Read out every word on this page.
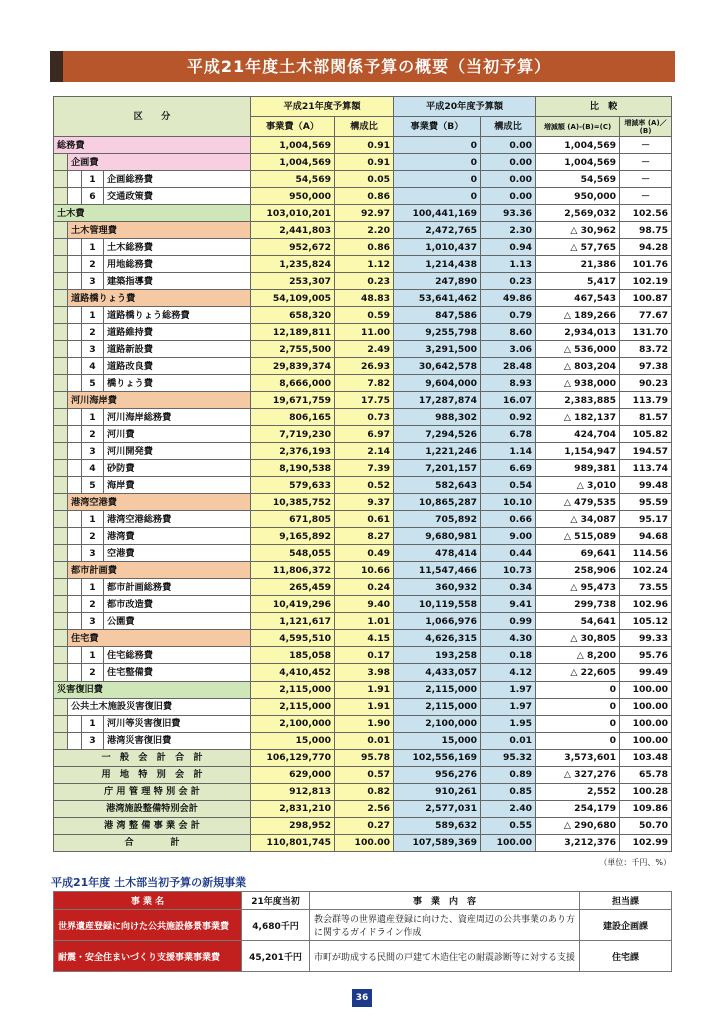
平成21年度土木部関係予算の概要（当初予算）
区　　分				平成21年度予算額		平成20年度予算額		比　較	
				事業費（A）	構成比	事業費（B）	構成比	増減額 (A)-(B)=(C)	増減率 (A)／(B)
総務費				1,004,569	0.91	0	0.00	1,004,569	－
	企画費			1,004,569	0.91	0	0.00	1,004,569	－
		1	企画総務費	54,569	0.05	0	0.00	54,569	－
		6	交通政策費	950,000	0.86	0	0.00	950,000	－
土木費				103,010,201	92.97	100,441,169	93.36	2,569,032	102.56
	土木管理費			2,441,803	2.20	2,472,765	2.30	△ 30,962	98.75
		1	土木総務費	952,672	0.86	1,010,437	0.94	△ 57,765	94.28
		2	用地総務費	1,235,824	1.12	1,214,438	1.13	21,386	101.76
		3	建築指導費	253,307	0.23	247,890	0.23	5,417	102.19
	道路橋りょう費			54,109,005	48.83	53,641,462	49.86	467,543	100.87
		1	道路橋りょう総務費	658,320	0.59	847,586	0.79	△ 189,266	77.67
		2	道路維持費	12,189,811	11.00	9,255,798	8.60	2,934,013	131.70
		3	道路新設費	2,755,500	2.49	3,291,500	3.06	△ 536,000	83.72
		4	道路改良費	29,839,374	26.93	30,642,578	28.48	△ 803,204	97.38
		5	橋りょう費	8,666,000	7.82	9,604,000	8.93	△ 938,000	90.23
	河川海岸費			19,671,759	17.75	17,287,874	16.07	2,383,885	113.79
		1	河川海岸総務費	806,165	0.73	988,302	0.92	△ 182,137	81.57
		2	河川費	7,719,230	6.97	7,294,526	6.78	424,704	105.82
		3	河川開発費	2,376,193	2.14	1,221,246	1.14	1,154,947	194.57
		4	砂防費	8,190,538	7.39	7,201,157	6.69	989,381	113.74
		5	海岸費	579,633	0.52	582,643	0.54	△ 3,010	99.48
	港湾空港費			10,385,752	9.37	10,865,287	10.10	△ 479,535	95.59
		1	港湾空港総務費	671,805	0.61	705,892	0.66	△ 34,087	95.17
		2	港湾費	9,165,892	8.27	9,680,981	9.00	△ 515,089	94.68
		3	空港費	548,055	0.49	478,414	0.44	69,641	114.56
	都市計画費			11,806,372	10.66	11,547,466	10.73	258,906	102.24
		1	都市計画総務費	265,459	0.24	360,932	0.34	△ 95,473	73.55
		2	都市改造費	10,419,296	9.40	10,119,558	9.41	299,738	102.96
		3	公園費	1,121,617	1.01	1,066,976	0.99	54,641	105.12
	住宅費			4,595,510	4.15	4,626,315	4.30	△ 30,805	99.33
		1	住宅総務費	185,058	0.17	193,258	0.18	△ 8,200	95.76
		2	住宅整備費	4,410,452	3.98	4,433,057	4.12	△ 22,605	99.49
災害復旧費				2,115,000	1.91	2,115,000	1.97	0	100.00
	公共土木施設災害復旧費			2,115,000	1.91	2,115,000	1.97	0	100.00
		1	河川等災害復旧費	2,100,000	1.90	2,100,000	1.95	0	100.00
		3	港湾災害復旧費	15,000	0.01	15,000	0.01	0	100.00
一　般　会　計　合　計				106,129,770	95.78	102,556,169	95.32	3,573,601	103.48
用　地　特　別　会　計				629,000	0.57	956,276	0.89	△ 327,276	65.78
庁 用 管 理 特 別 会 計				912,813	0.82	910,261	0.85	2,552	100.28
港湾施設整備特別会計				2,831,210	2.56	2,577,031	2.40	254,179	109.86
港 湾 整 備 事 業 会 計				298,952	0.27	589,632	0.55	△ 290,680	50.70
合　　　　計				110,801,745	100.00	107,589,369	100.00	3,212,376	102.99
（単位：千円、%）
平成21年度 土木部当初予算の新規事業
事 業 名	21年度当初	事　業　内　容	担当課
世界遺産登録に向けた公共施設修景事業費	4,680千円	教会群等の世界遺産登録に向けた、資産周辺の公共事業のあり方に関するガイドライン作成	建設企画課
耐震・安全住まいづくり支援事業事業費	45,201千円	市町が助成する民間の戸建て木造住宅の耐震診断等に対する支援	住宅課
36
